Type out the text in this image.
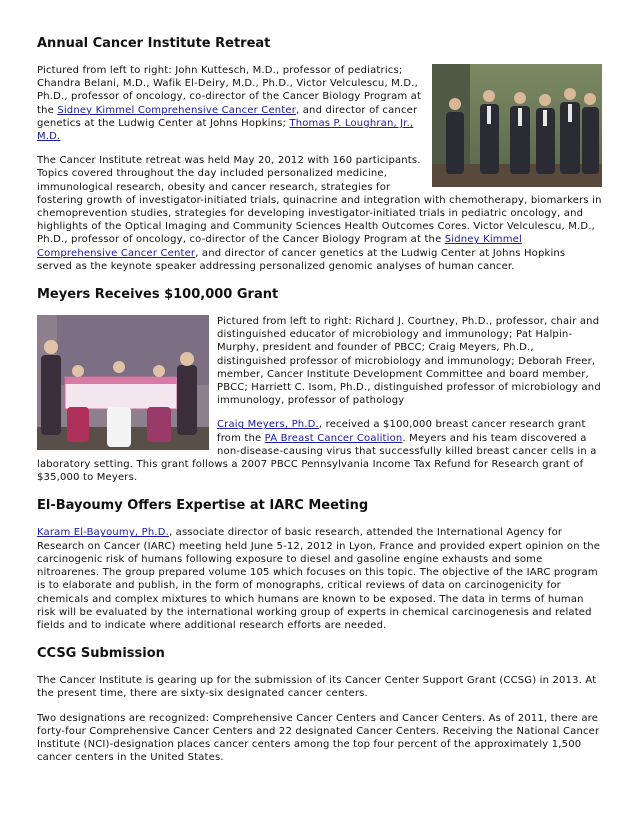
Annual Cancer Institute Retreat

Pictured from left to right: John Kuttesch, M.D., professor of pediatrics; Chandra Belani, M.D., Wafik El-Deiry, M.D., Ph.D., Victor Velculescu, M.D., Ph.D., professor of oncology, co-director of the Cancer Biology Program at the Sidney Kimmel Comprehensive Cancer Center, and director of cancer genetics at the Ludwig Center at Johns Hopkins; Thomas P. Loughran, Jr., M.D.

The Cancer Institute retreat was held May 20, 2012 with 160 participants. Topics covered throughout the day included personalized medicine, immunological research, obesity and cancer research, strategies for fostering growth of investigator-initiated trials, quinacrine and integration with chemotherapy, biomarkers in chemoprevention studies, strategies for developing investigator-initiated trials in pediatric oncology, and highlights of the Optical Imaging and Community Sciences Health Outcomes Cores. Victor Velculescu, M.D., Ph.D., professor of oncology, co-director of the Cancer Biology Program at the Sidney Kimmel Comprehensive Cancer Center, and director of cancer genetics at the Ludwig Center at Johns Hopkins served as the keynote speaker addressing personalized genomic analyses of human cancer.

Meyers Receives $100,000 Grant

Pictured from left to right: Richard J. Courtney, Ph.D., professor, chair and distinguished educator of microbiology and immunology; Pat Halpin-Murphy, president and founder of PBCC; Craig Meyers, Ph.D., distinguished professor of microbiology and immunology; Deborah Freer, member, Cancer Institute Development Committee and board member, PBCC; Harriett C. Isom, Ph.D., distinguished professor of microbiology and immunology, professor of pathology

Craig Meyers, Ph.D., received a $100,000 breast cancer research grant from the PA Breast Cancer Coalition. Meyers and his team discovered a non-disease-causing virus that successfully killed breast cancer cells in a laboratory setting. This grant follows a 2007 PBCC Pennsylvania Income Tax Refund for Research grant of $35,000 to Meyers.

El-Bayoumy Offers Expertise at IARC Meeting

Karam El-Bayoumy, Ph.D., associate director of basic research, attended the International Agency for Research on Cancer (IARC) meeting held June 5-12, 2012 in Lyon, France and provided expert opinion on the carcinogenic risk of humans following exposure to diesel and gasoline engine exhausts and some nitroarenes. The group prepared volume 105 which focuses on this topic. The objective of the IARC program is to elaborate and publish, in the form of monographs, critical reviews of data on carcinogenicity for chemicals and complex mixtures to which humans are known to be exposed. The data in terms of human risk will be evaluated by the international working group of experts in chemical carcinogenesis and related fields and to indicate where additional research efforts are needed.

CCSG Submission

The Cancer Institute is gearing up for the submission of its Cancer Center Support Grant (CCSG) in 2013. At the present time, there are sixty-six designated cancer centers.

Two designations are recognized: Comprehensive Cancer Centers and Cancer Centers. As of 2011, there are forty-four Comprehensive Cancer Centers and 22 designated Cancer Centers. Receiving the National Cancer Institute (NCI)-designation places cancer centers among the top four percent of the approximately 1,500 cancer centers in the United States.
